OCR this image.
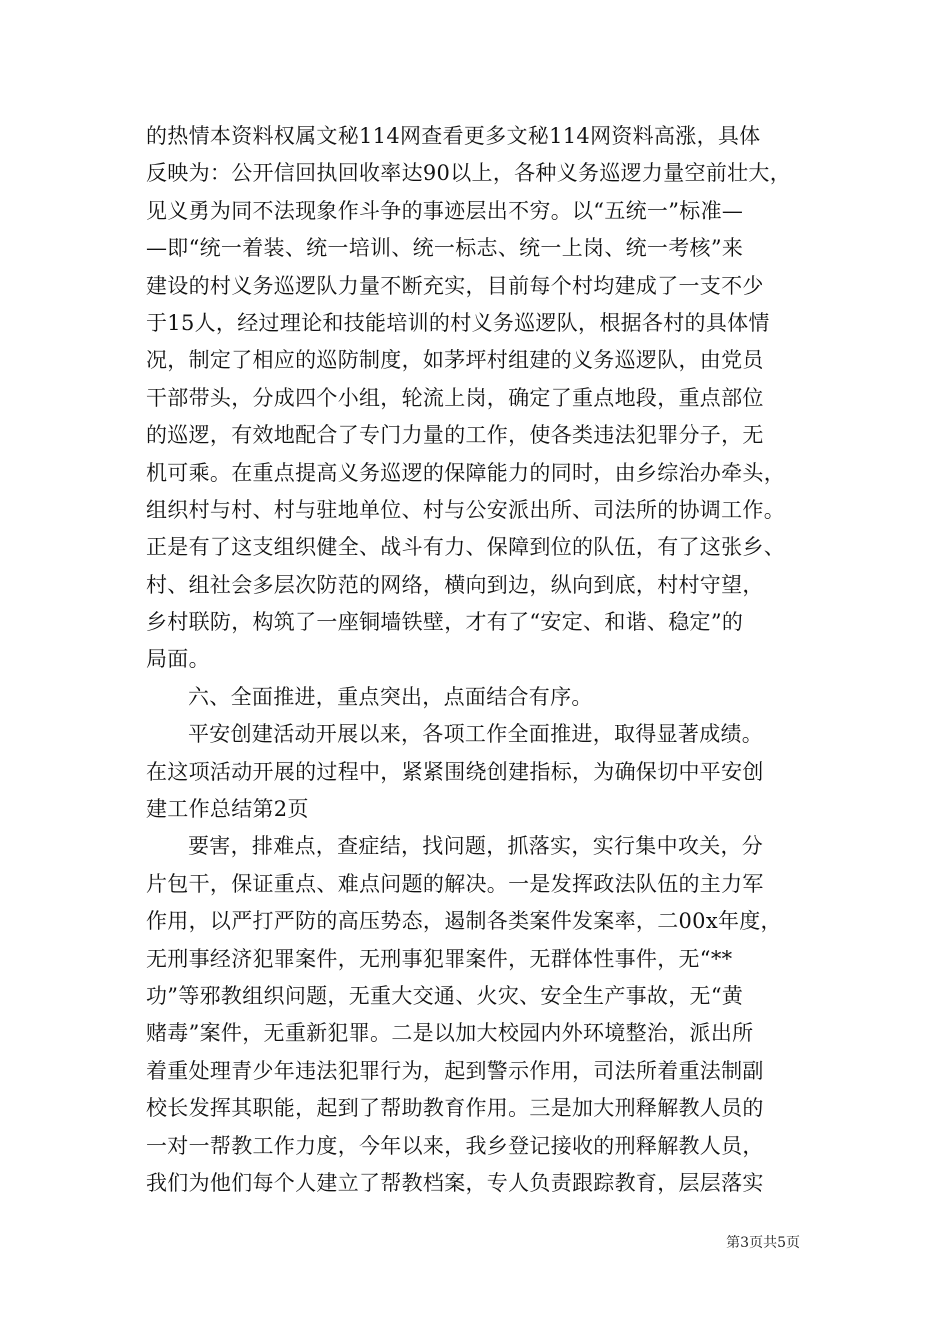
的热情本资料权属文秘114网查看更多文秘114网资料高涨，具体
反映为：公开信回执回收率达90以上，各种义务巡逻力量空前壮大，
见义勇为同不法现象作斗争的事迹层出不穷。以“五统一”标准—
—即“统一着装、统一培训、统一标志、统一上岗、统一考核”来
建设的村义务巡逻队力量不断充实，目前每个村均建成了一支不少
于15人，经过理论和技能培训的村义务巡逻队，根据各村的具体情
况，制定了相应的巡防制度，如茅坪村组建的义务巡逻队，由党员
干部带头，分成四个小组，轮流上岗，确定了重点地段，重点部位
的巡逻，有效地配合了专门力量的工作，使各类违法犯罪分子，无
机可乘。在重点提高义务巡逻的保障能力的同时，由乡综治办牵头，
组织村与村、村与驻地单位、村与公安派出所、司法所的协调工作。
正是有了这支组织健全、战斗有力、保障到位的队伍，有了这张乡、
村、组社会多层次防范的网络，横向到边，纵向到底，村村守望，
乡村联防，构筑了一座铜墙铁壁，才有了“安定、和谐、稳定”的
局面。
六、全面推进，重点突出，点面结合有序。
平安创建活动开展以来，各项工作全面推进，取得显著成绩。
在这项活动开展的过程中，紧紧围绕创建指标，为确保切中平安创
建工作总结第2页
要害，排难点，查症结，找问题，抓落实，实行集中攻关，分
片包干，保证重点、难点问题的解决。一是发挥政法队伍的主力军
作用，以严打严防的高压势态，遏制各类案件发案率，二00x年度，
无刑事经济犯罪案件，无刑事犯罪案件，无群体性事件，无“**
功”等邪教组织问题，无重大交通、火灾、安全生产事故，无“黄
赌毒”案件，无重新犯罪。二是以加大校园内外环境整治，派出所
着重处理青少年违法犯罪行为，起到警示作用，司法所着重法制副
校长发挥其职能，起到了帮助教育作用。三是加大刑释解教人员的
一对一帮教工作力度，今年以来，我乡登记接收的刑释解教人员，
我们为他们每个人建立了帮教档案，专人负责跟踪教育，层层落实
第3页共5页
